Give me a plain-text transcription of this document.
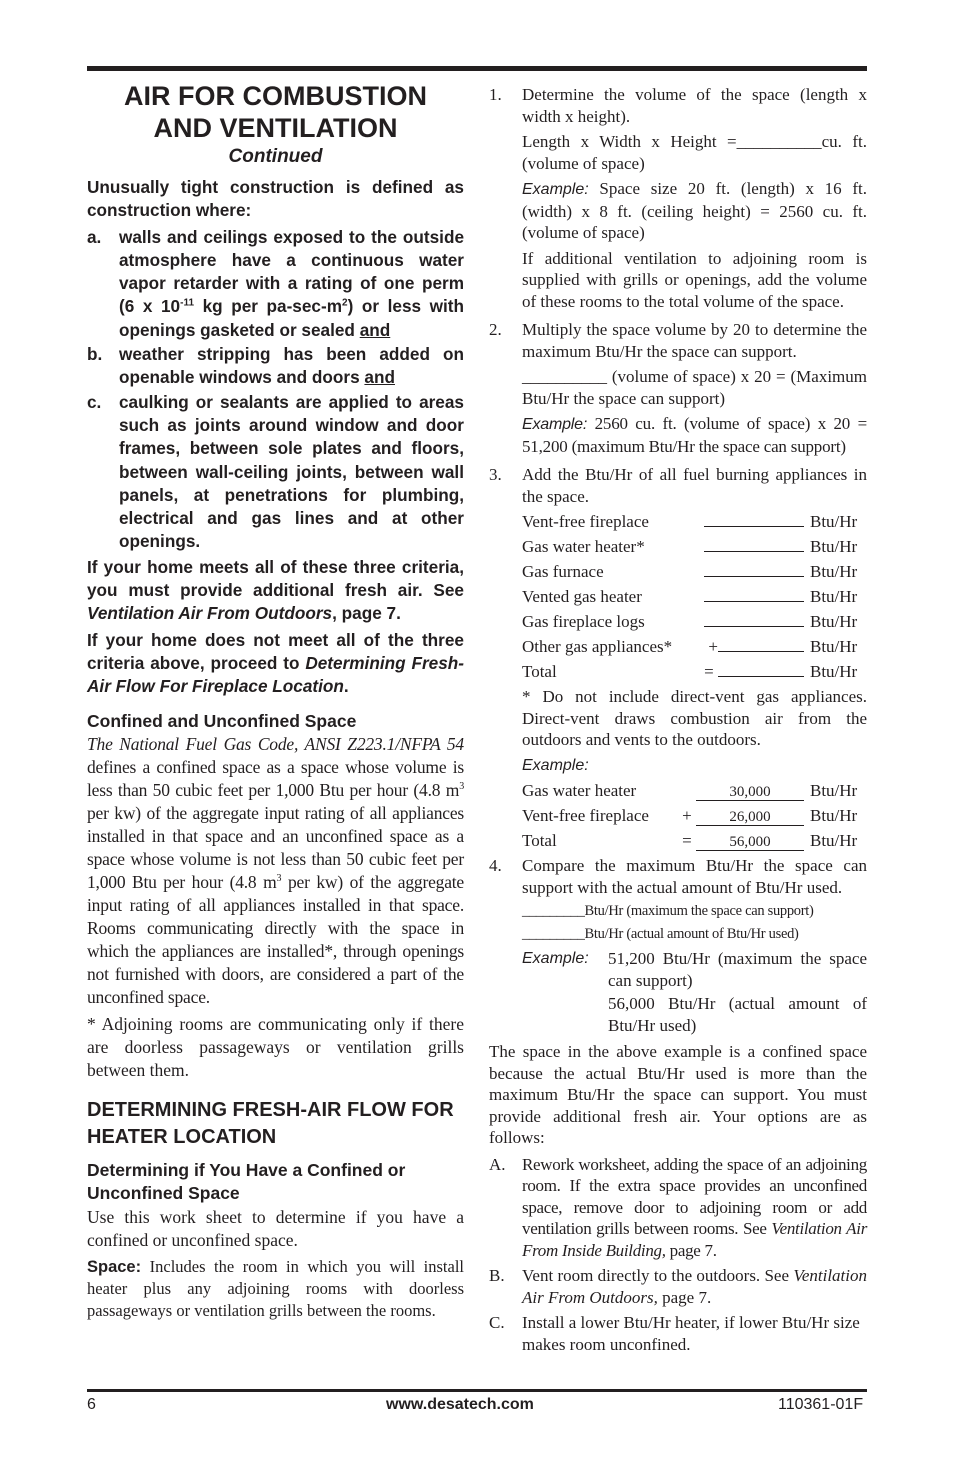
AIR FOR COMBUSTION
AND VENTILATION
Continued

Unusually tight construction is defined as construction where:

a.	walls and ceilings exposed to the outside atmosphere have a continuous water vapor retarder with a rating of one perm (6 x $10^{-11}$ kg per $pa-\sec-m^2$) or less with openings gasketed or sealed and
b. weather stripping has been added on openable windows and doors and
c.	caulking or sealants are applied to areas such as joints around window and door frames, between sole plates and floors, between wall-ceiling joints, between wall panels, at penetrations for plumbing, electrical and gas lines and at other openings.

If your home meets all of these three criteria, you must provide additional fresh air. See Ventilation Air From Outdoors, page 7.

If your home does not meet all of the three criteria above, proceed to Determining Fresh-Air Flow For Fireplace Location.

Confined and Unconfined Space

The National Fuel Gas Code, ANSI Z223.1/NFPA 54 defines a confined space as a space whose volume is less than 50 cubic feet per 1,000 Btu per hour (4.8 $m^3$ per kw) of the aggregate input rating of all appliances installed in that space and an unconfined space as a space whose volume is not less than 50 cubic feet per 1,000 Btu per hour (4.8 $m^3$ per kw) of the aggregate input rating of all appliances installed in that space. Rooms communicating directly with the space in which the appliances are installed*, through openings not furnished with doors, are considered a part of the unconfined space.

* Adjoining rooms are communicating only if there are doorless passageways or ventilation grills between them.

DETERMINING FRESH-AIR FLOW FOR HEATER LOCATION
Determining if You Have a Confined or Unconfined Space

Use this work sheet to determine if you have a confined or unconfined space.

Space: Includes the room in which you will install heater plus any adjoining rooms with doorless passageways or ventilation grills between the rooms.

1.	Determine the volume of the space (length x width x height).

Length x Width x Height =__________cu. ft. (volume of space)

Example: Space size 20 ft. (length) x 16 ft. (width) x 8 ft. (ceiling height) = 2560 cu. ft. (volume of space)

If additional ventilation to adjoining room is supplied with grills or openings, add the volume of these rooms to the total volume of the space.

2.	Multiply the space volume by 20 to determine the maximum Btu/Hr the space can support.

__________ (volume of space) x 20 = (Maximum Btu/Hr the space can support)

Example: 2560 cu. ft. (volume of space) x 20 = 51,200 (maximum Btu/Hr the space can support)

3.	Add the Btu/Hr of all fuel burning appliances in the space.

Vent-free fireplace		Btu/Hr
Gas water heater*		Btu/Hr
Gas furnace		Btu/Hr
Vented gas heater		Btu/Hr
Gas fireplace logs		Btu/Hr
Other gas appliances*	+	Btu/Hr
Total	=	Btu/Hr

* Do not include direct-vent gas appliances. Direct-vent draws combustion air from the outdoors and vents to the outdoors.

Example:
Gas water heater	30,000	Btu/Hr
Vent-free fireplace	+ 26,000	Btu/Hr
Total	= 56,000	Btu/Hr
4.	Compare the maximum Btu/Hr the space can support with the actual amount of Btu/Hr used.

_________Btu/Hr (maximum the space can support)
_________Btu/Hr (actual amount of Btu/Hr used)
Example:	51,200 Btu/Hr (maximum the space can support)
56,000 Btu/Hr (actual amount of Btu/Hr used)

The space in the above example is a confined space because the actual Btu/Hr used is more than the maximum Btu/Hr the space can support. You must provide additional fresh air. Your options are as follows:

A. Rework worksheet, adding the space of an adjoining room. If the extra space provides an unconfined space, remove door to adjoining room or add ventilation grills between rooms. See Ventilation Air From Inside Building, page 7.
B.	Vent room directly to the outdoors. See Ventilation Air From Outdoors, page 7.
C.	Install a lower Btu/Hr heater, if lower Btu/Hr size makes room unconfined.
6	www.desatech.com	110361-01F
